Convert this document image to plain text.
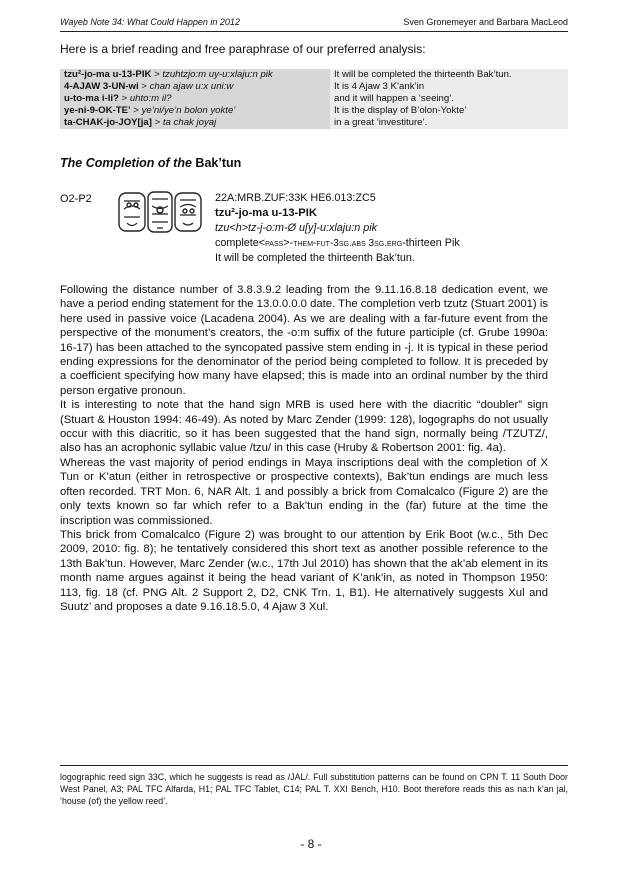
Wayeb Note 34: What Could Happen in 2012	Sven Gronemeyer and Barbara MacLeod
Here is a brief reading and free paraphrase of our preferred analysis:
tzu²-jo-ma u-13-PIK > tzuhtzjo:m uy-u:xlaju:n pik	It will be completed the thirteenth Bak’tun.
4-AJAW 3-UN-wi > chan ajaw u:x uni:w	It is 4 Ajaw 3 K’ank’in
u-to-ma i-li? > uhto:m il?	and it will happen a ‘seeing’.
ye-ni-9-OK-TE’ > ye’ni/ye’n bolon yokte’	It is the display of B’olon-Yokte’
ta-CHAK-jo-JOY[ja] > ta chak joyaj	in a great ‘investiture’.
The Completion of the Bak’tun
O2-P2	22A:MRB.ZUF:33K HE6.013:ZC5
tzu²-jo-ma u-13-PIK
tzu<h>tz-j-o:m-Ø u[y]-u:xlaju:n pik
complete<pass>-them-fut-3sg.abs 3sg.erg-thirteen Pik
It will be completed the thirteenth Bak’tun.

Following the distance number of 3.8.3.9.2 leading from the 9.11.16.8.18 dedication event, we have a period ending statement for the 13.0.0.0.0 date. The completion verb tzutz (Stuart 2001) is here used in passive voice (Lacadena 2004). As we are dealing with a far-future event from the perspective of the monument’s creators, the -o:m suffix of the future participle (cf. Grube 1990a: 16-17) has been attached to the syncopated passive stem ending in -j. It is typical in these period ending expressions for the denominator of the period being completed to follow. It is preceded by a coefficient specifying how many have elapsed; this is made into an ordinal number by the third person ergative pronoun.

It is interesting to note that the hand sign MRB is used here with the diacritic “doubler” sign (Stuart & Houston 1994: 46-49). As noted by Marc Zender (1999: 128), logographs do not usually occur with this diacritic, so it has been suggested that the hand sign, normally being /TZUTZ/, also has an acrophonic syllabic value /tzu/ in this case (Hruby & Robertson 2001: fig. 4a).

Whereas the vast majority of period endings in Maya inscriptions deal with the completion of X Tun or K’atun (either in retrospective or prospective contexts), Bak’tun endings are much less often recorded. TRT Mon. 6, NAR Alt. 1 and possibly a brick from Comalcalco (Figure 2) are the only texts known so far which refer to a Bak’tun ending in the (far) future at the time the inscription was commissioned.

This brick from Comalcalco (Figure 2) was brought to our attention by Erik Boot (w.c., 5th Dec 2009, 2010: fig. 8); he tentatively considered this short text as another possible reference to the 13th Bak’tun. However, Marc Zender (w.c., 17th Jul 2010) has shown that the ak’ab element in its month name argues against it being the head variant of K’ank’in, as noted in Thompson 1950: 113, fig. 18 (cf. PNG Alt. 2 Support 2, D2, CNK Trn. 1, B1). He alternatively suggests Xul and Suutz’ and proposes a date 9.16.18.5.0, 4 Ajaw 3 Xul.

logographic reed sign 33C, which he suggests is read as /JAL/. Full substitution patterns can be found on CPN T. 11 South Door West Panel, A3; PAL TFC Alfarda, H1; PAL TFC Tablet, C14; PAL T. XXI Bench, H10. Boot therefore reads this as na:h k’an jal, ‘house (of) the yellow reed’.
- 8 -
